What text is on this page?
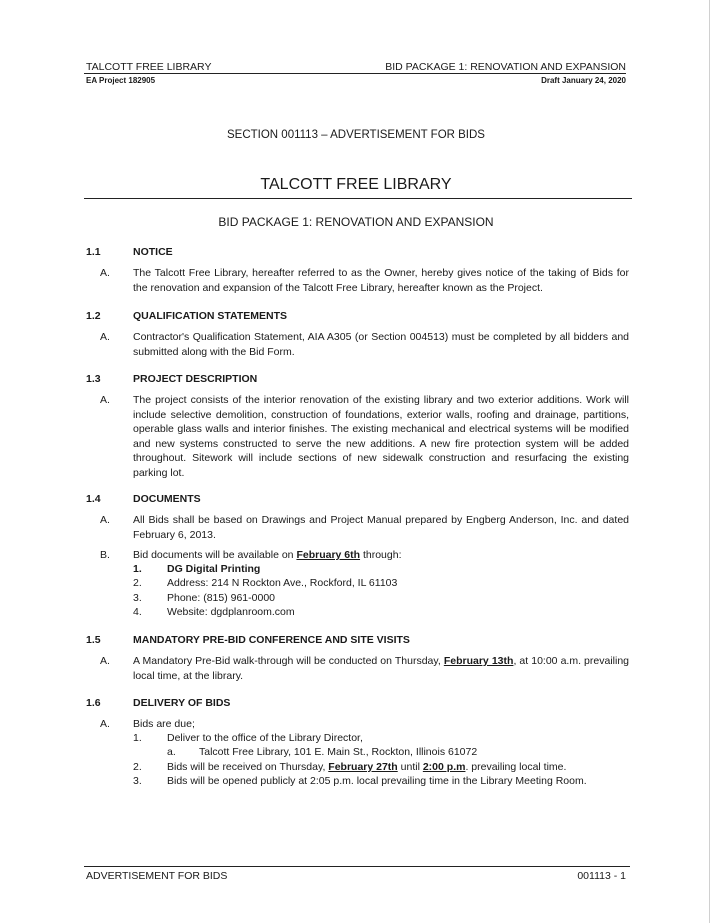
TALCOTT FREE LIBRARY	BID PACKAGE 1: RENOVATION AND EXPANSION
EA Project 182905	Draft January 24, 2020
SECTION 001113 – ADVERTISEMENT FOR BIDS
TALCOTT FREE LIBRARY
BID PACKAGE 1: RENOVATION AND EXPANSION
1.1	NOTICE
A. The Talcott Free Library, hereafter referred to as the Owner, hereby gives notice of the taking of Bids for the renovation and expansion of the Talcott Free Library, hereafter known as the Project.
1.2	QUALIFICATION STATEMENTS
A. Contractor's Qualification Statement, AIA A305 (or Section 004513) must be completed by all bidders and submitted along with the Bid Form.
1.3	PROJECT DESCRIPTION
A. The project consists of the interior renovation of the existing library and two exterior additions. Work will include selective demolition, construction of foundations, exterior walls, roofing and drainage, partitions, operable glass walls and interior finishes. The existing mechanical and electrical systems will be modified and new systems constructed to serve the new additions. A new fire protection system will be added throughout. Sitework will include sections of new sidewalk construction and resurfacing the existing parking lot.
1.4	DOCUMENTS
A. All Bids shall be based on Drawings and Project Manual prepared by Engberg Anderson, Inc. and dated February 6, 2013.
B. Bid documents will be available on February 6th through:
1. DG Digital Printing
2. Address: 214 N Rockton Ave., Rockford, IL 61103
3. Phone: (815) 961-0000
4. Website: dgdplanroom.com
1.5	MANDATORY PRE-BID CONFERENCE AND SITE VISITS
A. A Mandatory Pre-Bid walk-through will be conducted on Thursday, February 13th, at 10:00 a.m. prevailing local time, at the library.
1.6	DELIVERY OF BIDS
A. Bids are due;
1. Deliver to the office of the Library Director,
a. Talcott Free Library, 101 E. Main St., Rockton, Illinois 61072
2. Bids will be received on Thursday, February 27th until 2:00 p.m. prevailing local time.
3. Bids will be opened publicly at 2:05 p.m. local prevailing time in the Library Meeting Room.
ADVERTISEMENT FOR BIDS	001113 - 1
